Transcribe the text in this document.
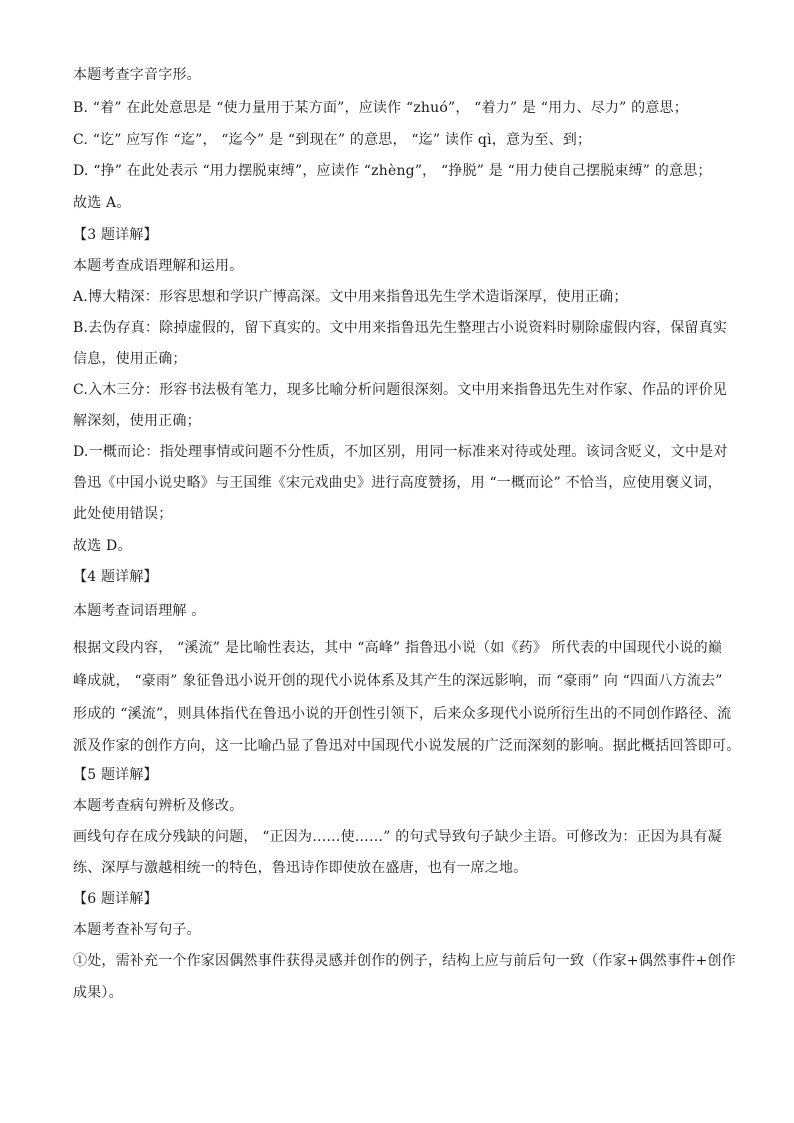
本题考查字音字形。
B. “着” 在此处意思是 “使力量用于某方面”，应读作 “zhuó”， “着力” 是 “用力、尽力” 的意思；
C. “讫” 应写作 “迄”， “迄今” 是 “到现在” 的意思， “迄” 读作 qì，意为至、到；
D. “挣” 在此处表示 “用力摆脱束缚”，应读作 “zhèng”， “挣脱” 是 “用力使自己摆脱束缚” 的意思；
故选 A。
【3 题详解】
本题考查成语理解和运用。
A.博大精深：形容思想和学识广博高深。文中用来指鲁迅先生学术造诣深厚，使用正确；
B.去伪存真：除掉虚假的，留下真实的。文中用来指鲁迅先生整理古小说资料时剔除虚假内容，保留真实
信息，使用正确；
C.入木三分：形容书法极有笔力，现多比喻分析问题很深刻。文中用来指鲁迅先生对作家、作品的评价见
解深刻，使用正确；
D.一概而论：指处理事情或问题不分性质，不加区别，用同一标准来对待或处理。该词含贬义，文中是对
鲁迅《中国小说史略》与王国维《宋元戏曲史》进行高度赞扬，用 “一概而论” 不恰当，应使用褒义词，
此处使用错误；
故选 D。
【4 题详解】
本题考查词语理解 。
根据文段内容， “溪流” 是比喻性表达，其中 “高峰” 指鲁迅小说（如《药》 所代表的中国现代小说的巅
峰成就， “豪雨” 象征鲁迅小说开创的现代小说体系及其产生的深远影响，而 “豪雨” 向 “四面八方流去”
形成的 “溪流”，则具体指代在鲁迅小说的开创性引领下，后来众多现代小说所衍生出的不同创作路径、流
派及作家的创作方向，这一比喻凸显了鲁迅对中国现代小说发展的广泛而深刻的影响。据此概括回答即可。
【5 题详解】
本题考查病句辨析及修改。
画线句存在成分残缺的问题， “正因为……使……” 的句式导致句子缺少主语。可修改为：正因为具有凝
练、深厚与激越相统一的特色，鲁迅诗作即使放在盛唐，也有一席之地。
【6 题详解】
本题考查补写句子。
①处，需补充一个作家因偶然事件获得灵感并创作的例子，结构上应与前后句一致（作家+偶然事件+创作
成果）。
